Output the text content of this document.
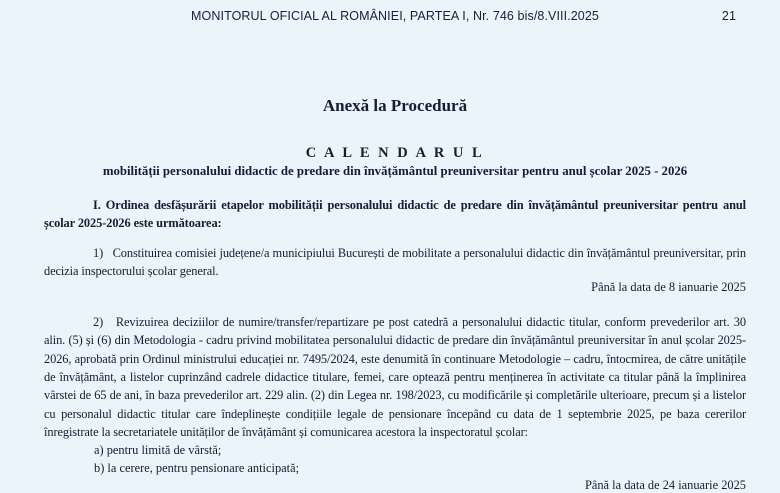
MONITORUL OFICIAL AL ROMÂNIEI, PARTEA I, Nr. 746 bis/8.VIII.2025	21
Anexă la Procedură
C A L E N D A R U L
mobilității personalului didactic de predare din învățământul preuniversitar pentru anul școlar 2025 - 2026

I. Ordinea desfășurării etapelor mobilității personalului didactic de predare din învățământul preuniversitar pentru anul școlar 2025-2026 este următoarea:

1)   Constituirea comisiei județene/a municipiului București de mobilitate a personalului didactic din învățământul preuniversitar, prin decizia inspectorului școlar general.

Până la data de 8 ianuarie 2025

2)   Revizuirea deciziilor de numire/transfer/repartizare pe post catedră a personalului didactic titular, conform prevederilor art. 30 alin. (5) și (6) din Metodologia - cadru privind mobilitatea personalului didactic de predare din învățământul preuniversitar în anul școlar 2025-2026, aprobată prin Ordinul ministrului educației nr. 7495/2024, este denumită în continuare Metodologie – cadru, întocmirea, de către unitățile de învățământ, a listelor cuprinzând cadrele didactice titulare, femei, care optează pentru menținerea în activitate ca titular până la împlinirea vârstei de 65 de ani, în baza prevederilor art. 229 alin. (2) din Legea nr. 198/2023, cu modificările și completările ulterioare, precum și a listelor cu personalul didactic titular care îndeplinește condițiile legale de pensionare începând cu data de 1 septembrie 2025, pe baza cererilor înregistrate la secretariatele unităților de învățământ și comunicarea acestora la inspectoratul școlar:

a) pentru limită de vârstă;
b) la cerere, pentru pensionare anticipată;
Până la data de 24 ianuarie 2025
